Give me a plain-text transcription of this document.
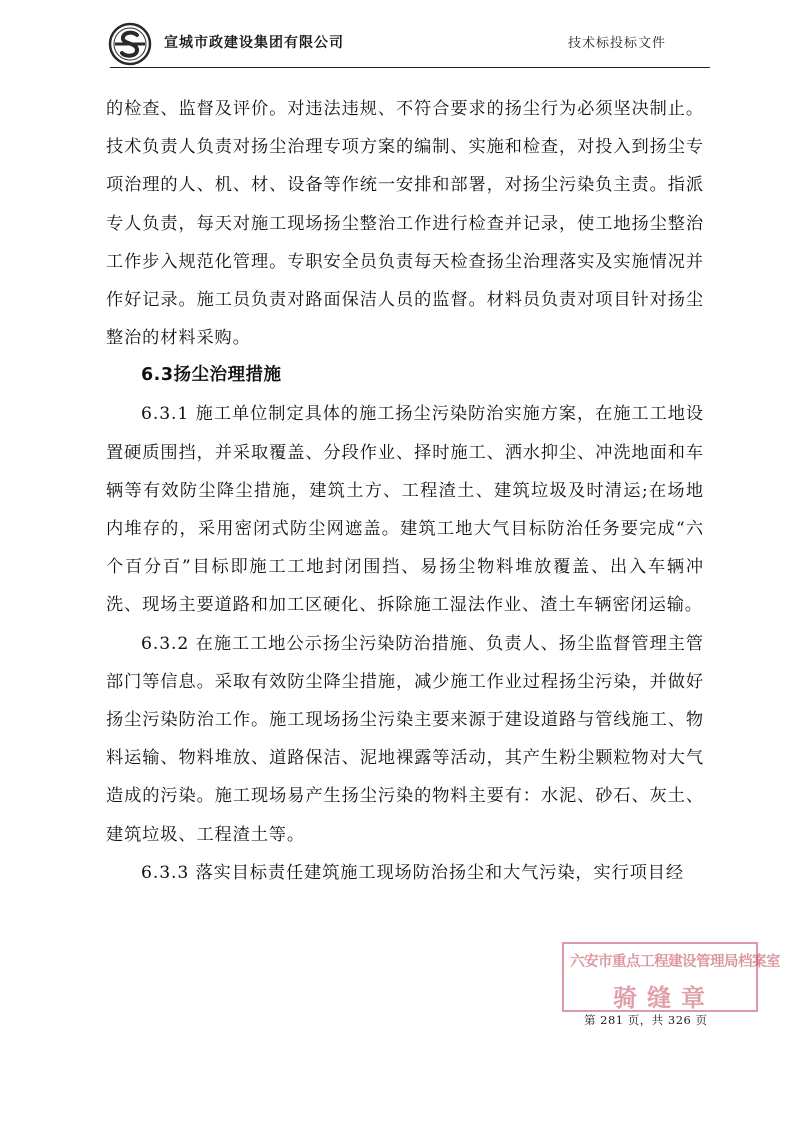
宣城市政建设集团有限公司	技术标投标文件

的检查、监督及评价。对违法违规、不符合要求的扬尘行为必须坚决制止。技术负责人负责对扬尘治理专项方案的编制、实施和检查，对投入到扬尘专项治理的人、机、材、设备等作统一安排和部署，对扬尘污染负主责。指派专人负责，每天对施工现场扬尘整治工作进行检查并记录，使工地扬尘整治工作步入规范化管理。专职安全员负责每天检查扬尘治理落实及实施情况并作好记录。施工员负责对路面保洁人员的监督。材料员负责对项目针对扬尘整治的材料采购。

6.3扬尘治理措施

6.3.1 施工单位制定具体的施工扬尘污染防治实施方案，在施工工地设置硬质围挡，并采取覆盖、分段作业、择时施工、洒水抑尘、冲洗地面和车辆等有效防尘降尘措施，建筑土方、工程渣土、建筑垃圾及时清运;在场地内堆存的，采用密闭式防尘网遮盖。建筑工地大气目标防治任务要完成“六个百分百”目标即施工工地封闭围挡、易扬尘物料堆放覆盖、出入车辆冲洗、现场主要道路和加工区硬化、拆除施工湿法作业、渣土车辆密闭运输。

6.3.2 在施工工地公示扬尘污染防治措施、负责人、扬尘监督管理主管部门等信息。采取有效防尘降尘措施，减少施工作业过程扬尘污染，并做好扬尘污染防治工作。施工现场扬尘污染主要来源于建设道路与管线施工、物料运输、物料堆放、道路保洁、泥地裸露等活动，其产生粉尘颗粒物对大气造成的污染。施工现场易产生扬尘污染的物料主要有：水泥、砂石、灰土、建筑垃圾、工程渣土等。

6.3.3 落实目标责任建筑施工现场防治扬尘和大气污染，实行项目经

六安市重点工程建设管理局档案室
骑缝章
第 281 页，共 326 页
